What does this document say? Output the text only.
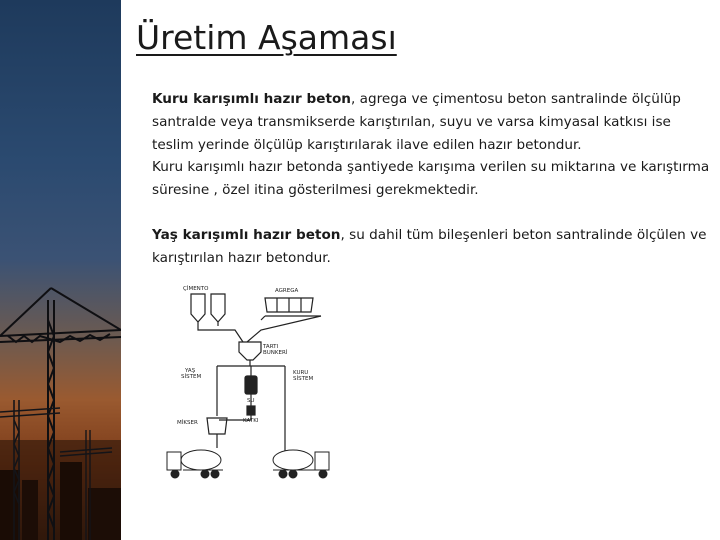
Üretim Aşaması

Kuru karışımlı hazır beton, agrega ve çimentosu beton santralinde ölçülüp santralde veya transmikserde karıştırılan, suyu ve varsa kimyasal katkısı ise teslim yerinde ölçülüp karıştırılarak ilave edilen hazır betondur.

Kuru karışımlı hazır betonda şantiyede karışıma verilen su miktarına ve karıştırma süresine , özel itina gösterilmesi gerekmektedir.

Yaş karışımlı hazır beton, su dahil tüm bileşenleri beton santralinde ölçülen ve karıştırılan hazır betondur.

ÇİMENTO	AGREGA
TARTI
BUNKERİ
YAŞ
SİSTEM
KURU
SİSTEM
SU
KATKI
MİKSER
